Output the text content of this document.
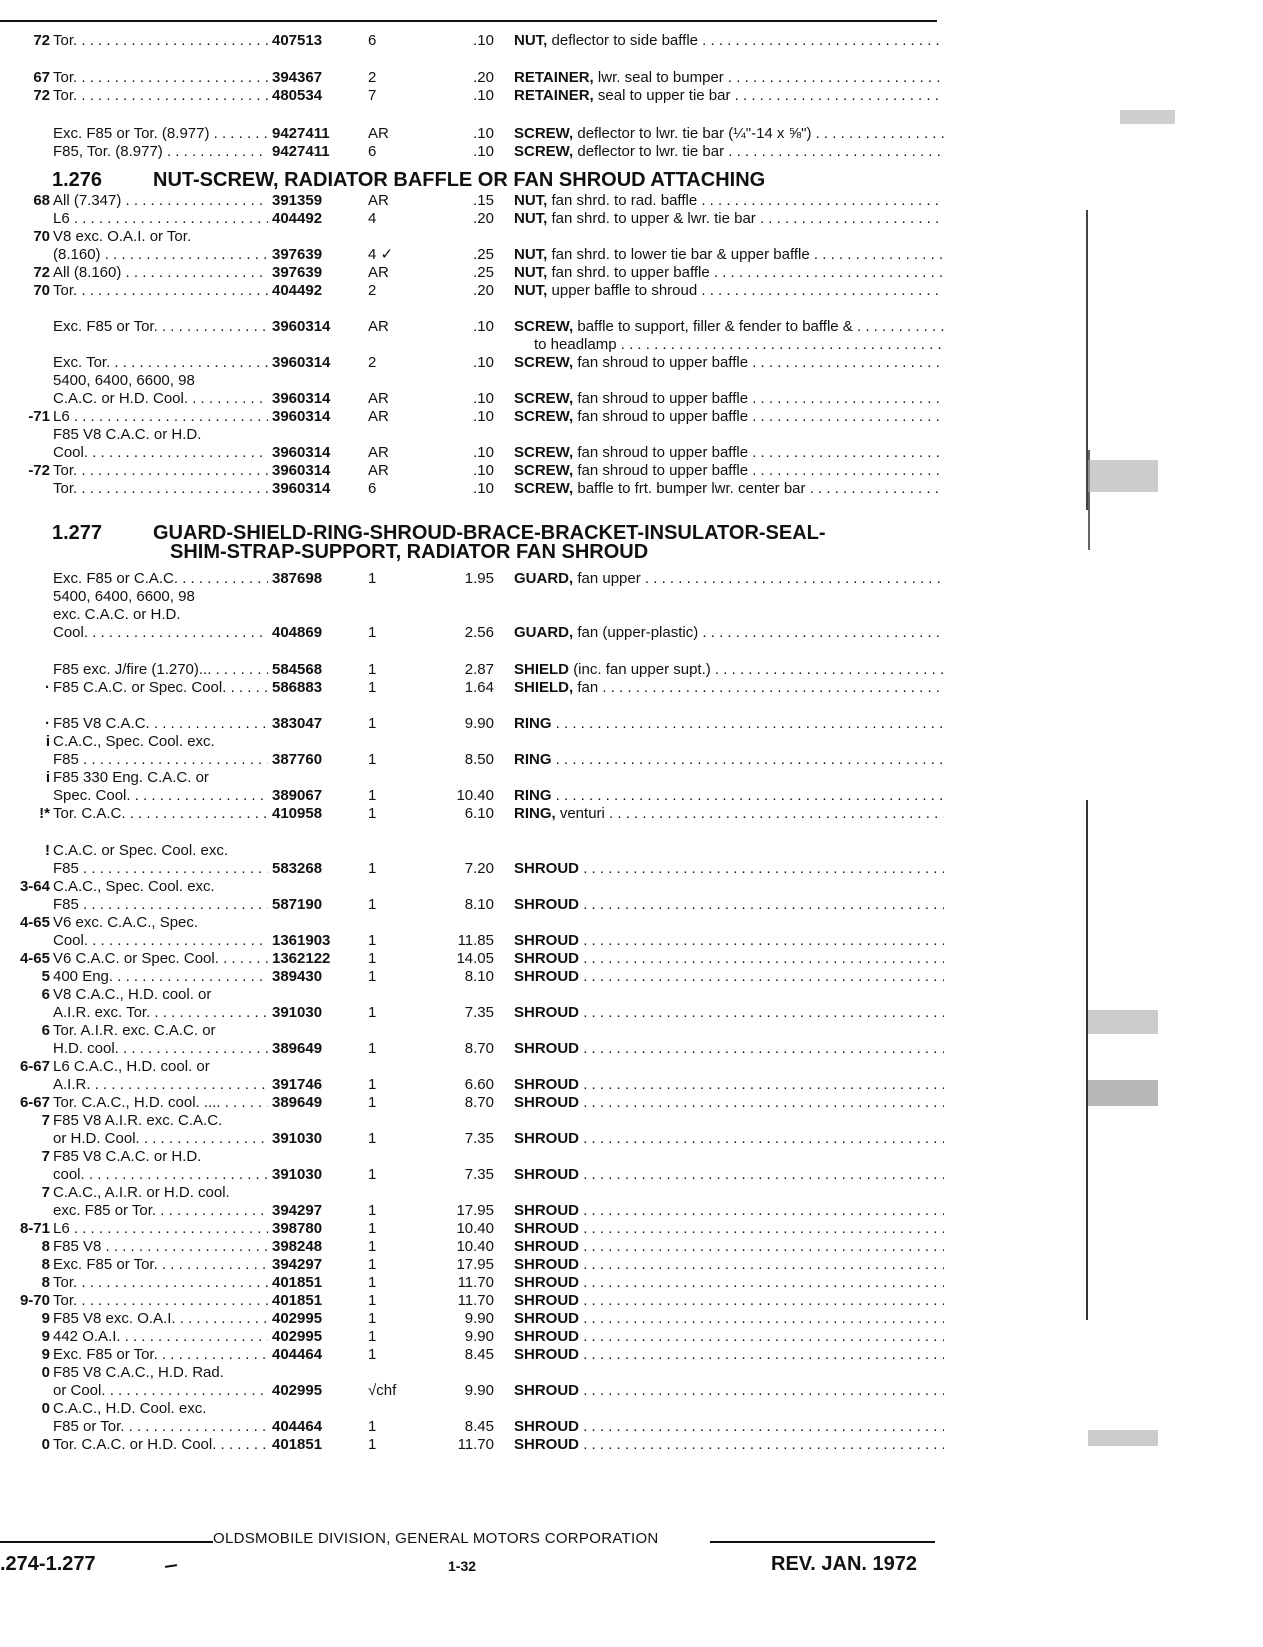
72 Tor. . . .	407513	6	.10 NUT, deflector to side baffle . . .
67 Tor. . . .	394367	2	.20 RETAINER, lwr. seal to bumper . . .
72 Tor. . . .	480534	7	.10 RETAINER, seal to upper tie bar . . .
Exc. F85 or Tor. (8.977) . . . .	9427411	AR	.10 SCREW, deflector to lwr. tie bar (¼"-14 x ⅝") . . .
F85, Tor. (8.977) . . .	9427411	6	.10 SCREW, deflector to lwr. tie bar . . .
1.276	NUT-SCREW, RADIATOR BAFFLE OR FAN SHROUD ATTACHING
68 All (7.347) . . .	391359	AR	.15 NUT, fan shrd. to rad. baffle . . .
L6 . . .	404492	4	.20 NUT, fan shrd. to upper & lwr. tie bar . . .
70 V8 exc. O.A.I. or Tor.
(8.160) . . .	397639	4 ✓	.25 NUT, fan shrd. to lower tie bar & upper baffle . . .
72 All (8.160) . . .	397639	AR	.25 NUT, fan shrd. to upper baffle . . .
70 Tor. . . .	404492	2	.20 NUT, upper baffle to shroud . . .
Exc. F85 or Tor. . . .	3960314	AR	.10 SCREW, baffle to support, filler & fender to baffle & . . .
to headlamp . . .
Exc. Tor. . . .	3960314	2	.10 SCREW, fan shroud to upper baffle . . .
5400, 6400, 6600, 98
C.A.C. or H.D. Cool. . . .	3960314	AR	.10 SCREW, fan shroud to upper baffle . . .
-71 L6 . . .	3960314	AR	.10 SCREW, fan shroud to upper baffle . . .
F85 V8 C.A.C. or H.D.
Cool. . . .	3960314	AR	.10 SCREW, fan shroud to upper baffle . . .
-72 Tor. . . .	3960314	AR	.10 SCREW, fan shroud to upper baffle . . .
Tor. . . .	3960314	6	.10 SCREW, baffle to frt. bumper lwr. center bar . . .
1.277	GUARD-SHIELD-RING-SHROUD-BRACE-BRACKET-INSULATOR-SEAL-
SHIM-STRAP-SUPPORT, RADIATOR FAN SHROUD
Exc. F85 or C.A.C. . . .	387698	1	1.95 GUARD, fan upper . . .
5400, 6400, 6600, 98
exc. C.A.C. or H.D.
Cool. . . .	404869	1	2.56 GUARD, fan (upper-plastic) . . .
F85 exc. J/fire (1.270)... . . .	584568	1	2.87 SHIELD (inc. fan upper supt.) . . .
· F85 C.A.C. or Spec. Cool. . . .	586883	1	1.64 SHIELD, fan . . .
· F85 V8 C.A.C. . . .	383047	1	9.90 RING . . .
i C.A.C., Spec. Cool. exc.
F85 . . .	387760	1	8.50 RING . . .
i F85 330 Eng. C.A.C. or
Spec. Cool. . . .	389067	1	10.40 RING . . .
!* Tor. C.A.C. . . .	410958	1	6.10 RING, venturi . . .
! C.A.C. or Spec. Cool. exc.
F85 . . .	583268	1	7.20 SHROUD . . .
3-64 C.A.C., Spec. Cool. exc.
F85 . . .	587190	1	8.10 SHROUD . . .
4-65 V6 exc. C.A.C., Spec.
Cool. . . .	1361903	1	11.85 SHROUD . . .
4-65 V6 C.A.C. or Spec. Cool. . . . .	1362122	1	14.05 SHROUD . . .
5 400 Eng. . . .	389430	1	8.10 SHROUD . . .
6 V8 C.A.C., H.D. cool. or
A.I.R. exc. Tor. . . .	391030	1	7.35 SHROUD . . .
6 Tor. A.I.R. exc. C.A.C. or
H.D. cool. . . .	389649	1	8.70 SHROUD . . .
6-67 L6 C.A.C., H.D. cool. or
A.I.R. . . .	391746	1	6.60 SHROUD . . .
6-67 Tor. C.A.C., H.D. cool. .... . . .	389649	1	8.70 SHROUD . . .
7 F85 V8 A.I.R. exc. C.A.C.
or H.D. Cool. . . .	391030	1	7.35 SHROUD . . .
7 F85 V8 C.A.C. or H.D.
cool. . . .	391030	1	7.35 SHROUD . . .
7 C.A.C., A.I.R. or H.D. cool.
exc. F85 or Tor. . . .	394297	1	17.95 SHROUD . . .
8-71 L6 . . .	398780	1	10.40 SHROUD . . .
8 F85 V8 . . .	398248	1	10.40 SHROUD . . .
8 Exc. F85 or Tor. . . .	394297	1	17.95 SHROUD . . .
8 Tor. . . .	401851	1	11.70 SHROUD . . .
9-70 Tor. . . .	401851	1	11.70 SHROUD . . .
9 F85 V8 exc. O.A.I. . . .	402995	1	9.90 SHROUD . . .
9 442 O.A.I. . . .	402995	1	9.90 SHROUD . . .
9 Exc. F85 or Tor. . . .	404464	1	8.45 SHROUD . . .
0 F85 V8 C.A.C., H.D. Rad.
or Cool. . . .	402995	√chf	9.90 SHROUD . . .
0 C.A.C., H.D. Cool. exc.
F85 or Tor. . . .	404464	1	8.45 SHROUD . . .
0 Tor. C.A.C. or H.D. Cool. . . . .	401851	1	11.70 SHROUD . . .
OLDSMOBILE DIVISION, GENERAL MOTORS CORPORATION
.274-1.277	1-32	REV. JAN. 1972
